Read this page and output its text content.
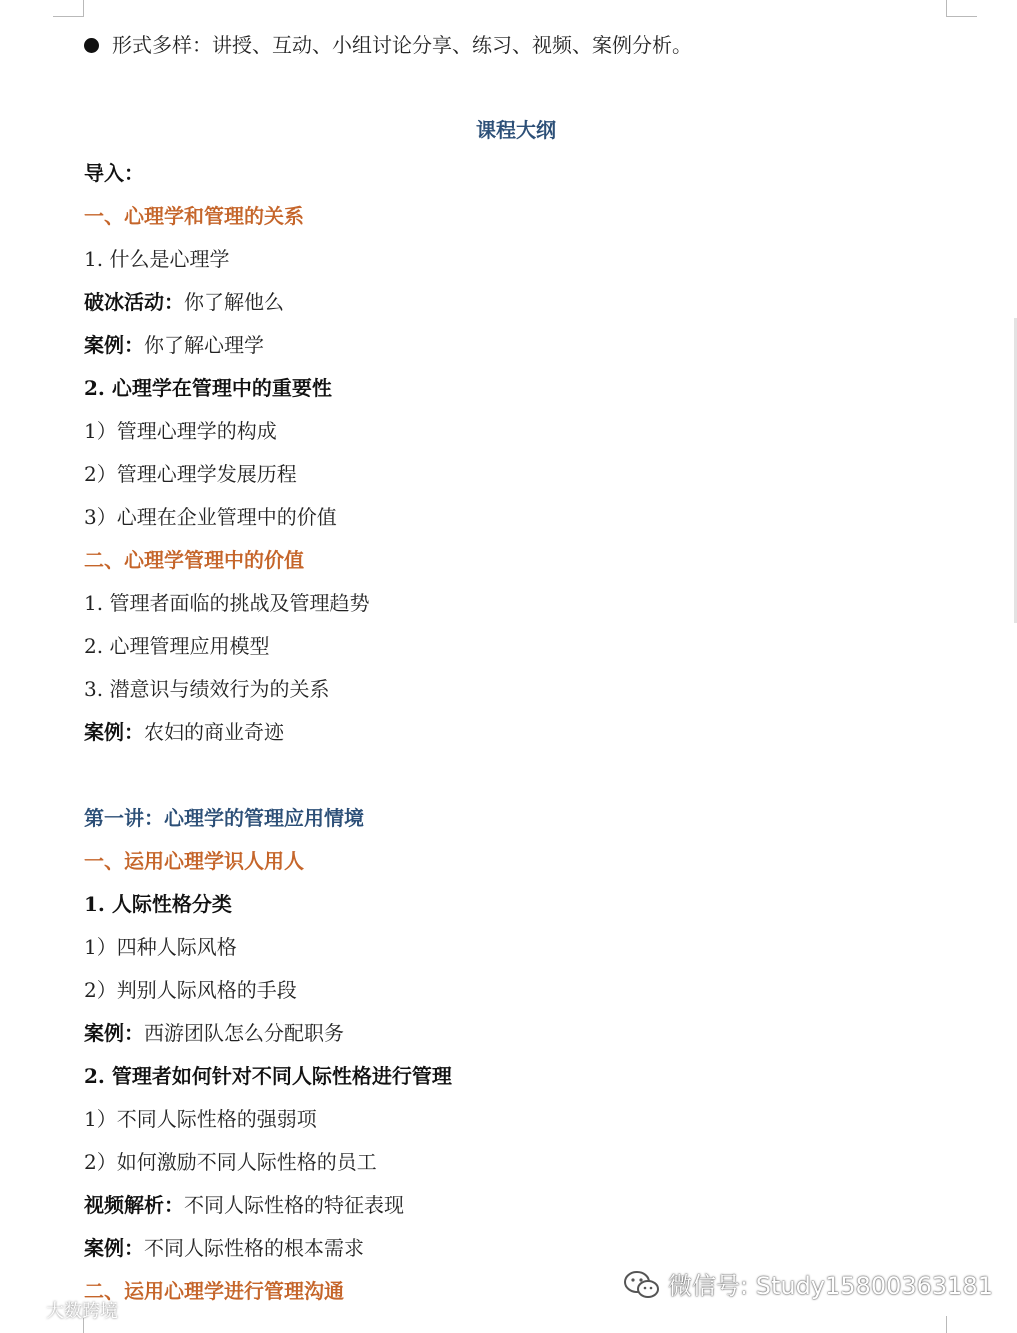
形式多样：讲授、互动、小组讨论分享、练习、视频、案例分析。
课程大纲
导入：
一、心理学和管理的关系
1. 什么是心理学
破冰活动：你了解他么
案例：你了解心理学
2. 心理学在管理中的重要性
1）管理心理学的构成
2）管理心理学发展历程
3）心理在企业管理中的价值
二、心理学管理中的价值
1. 管理者面临的挑战及管理趋势
2. 心理管理应用模型
3. 潜意识与绩效行为的关系
案例：农妇的商业奇迹
第一讲：心理学的管理应用情境
一、运用心理学识人用人
1. 人际性格分类
1）四种人际风格
2）判别人际风格的手段
案例：西游团队怎么分配职务
2. 管理者如何针对不同人际性格进行管理
1）不同人际性格的强弱项
2）如何激励不同人际性格的员工
视频解析：不同人际性格的特征表现
案例：不同人际性格的根本需求
二、运用心理学进行管理沟通	微信号: Study15800363181
大数跨境
